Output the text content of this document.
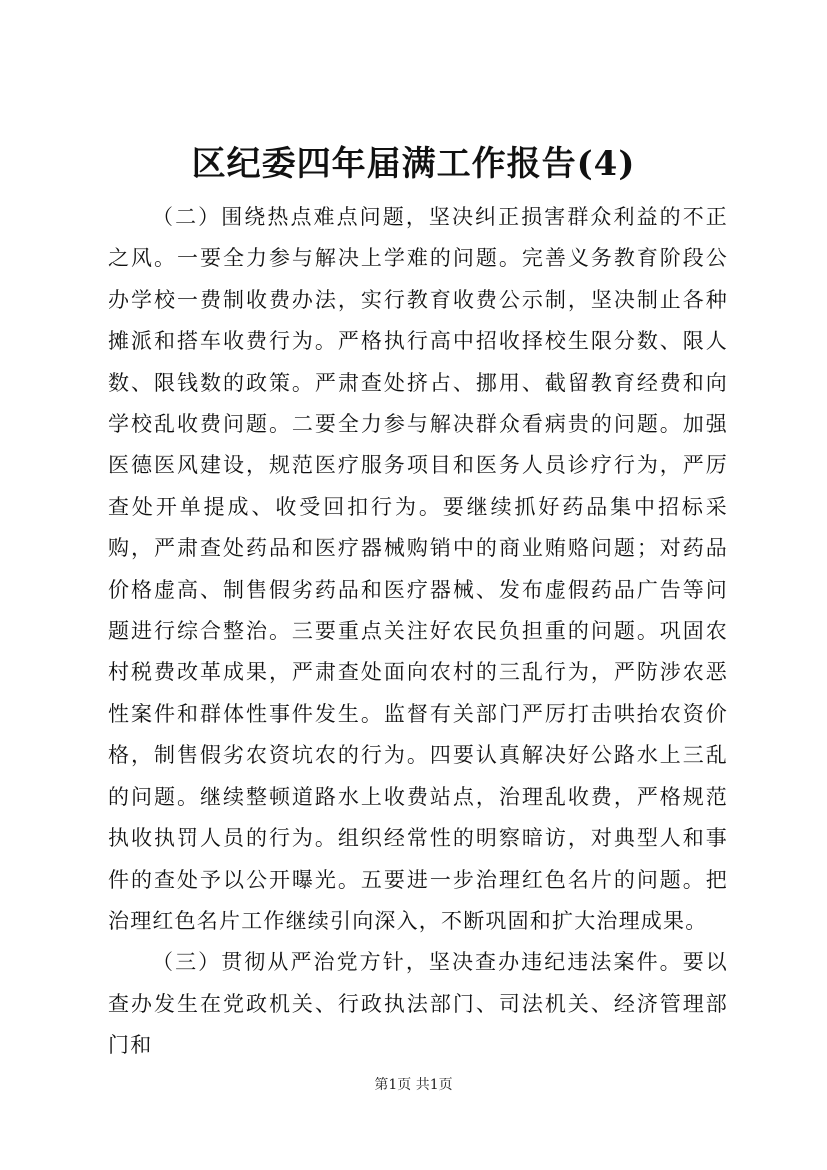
区纪委四年届满工作报告(4)

（二）围绕热点难点问题，坚决纠正损害群众利益的不正之风。一要全力参与解决上学难的问题。完善义务教育阶段公办学校一费制收费办法，实行教育收费公示制，坚决制止各种摊派和搭车收费行为。严格执行高中招收择校生限分数、限人数、限钱数的政策。严肃查处挤占、挪用、截留教育经费和向学校乱收费问题。二要全力参与解决群众看病贵的问题。加强医德医风建设，规范医疗服务项目和医务人员诊疗行为，严厉查处开单提成、收受回扣行为。要继续抓好药品集中招标采购，严肃查处药品和医疗器械购销中的商业贿赂问题；对药品价格虚高、制售假劣药品和医疗器械、发布虚假药品广告等问题进行综合整治。三要重点关注好农民负担重的问题。巩固农村税费改革成果，严肃查处面向农村的三乱行为，严防涉农恶性案件和群体性事件发生。监督有关部门严厉打击哄抬农资价格，制售假劣农资坑农的行为。四要认真解决好公路水上三乱的问题。继续整顿道路水上收费站点，治理乱收费，严格规范执收执罚人员的行为。组织经常性的明察暗访，对典型人和事件的查处予以公开曝光。五要进一步治理红色名片的问题。把治理红色名片工作继续引向深入，不断巩固和扩大治理成果。

（三）贯彻从严治党方针，坚决查办违纪违法案件。要以查办发生在党政机关、行政执法部门、司法机关、经济管理部门和

第1页 共1页
